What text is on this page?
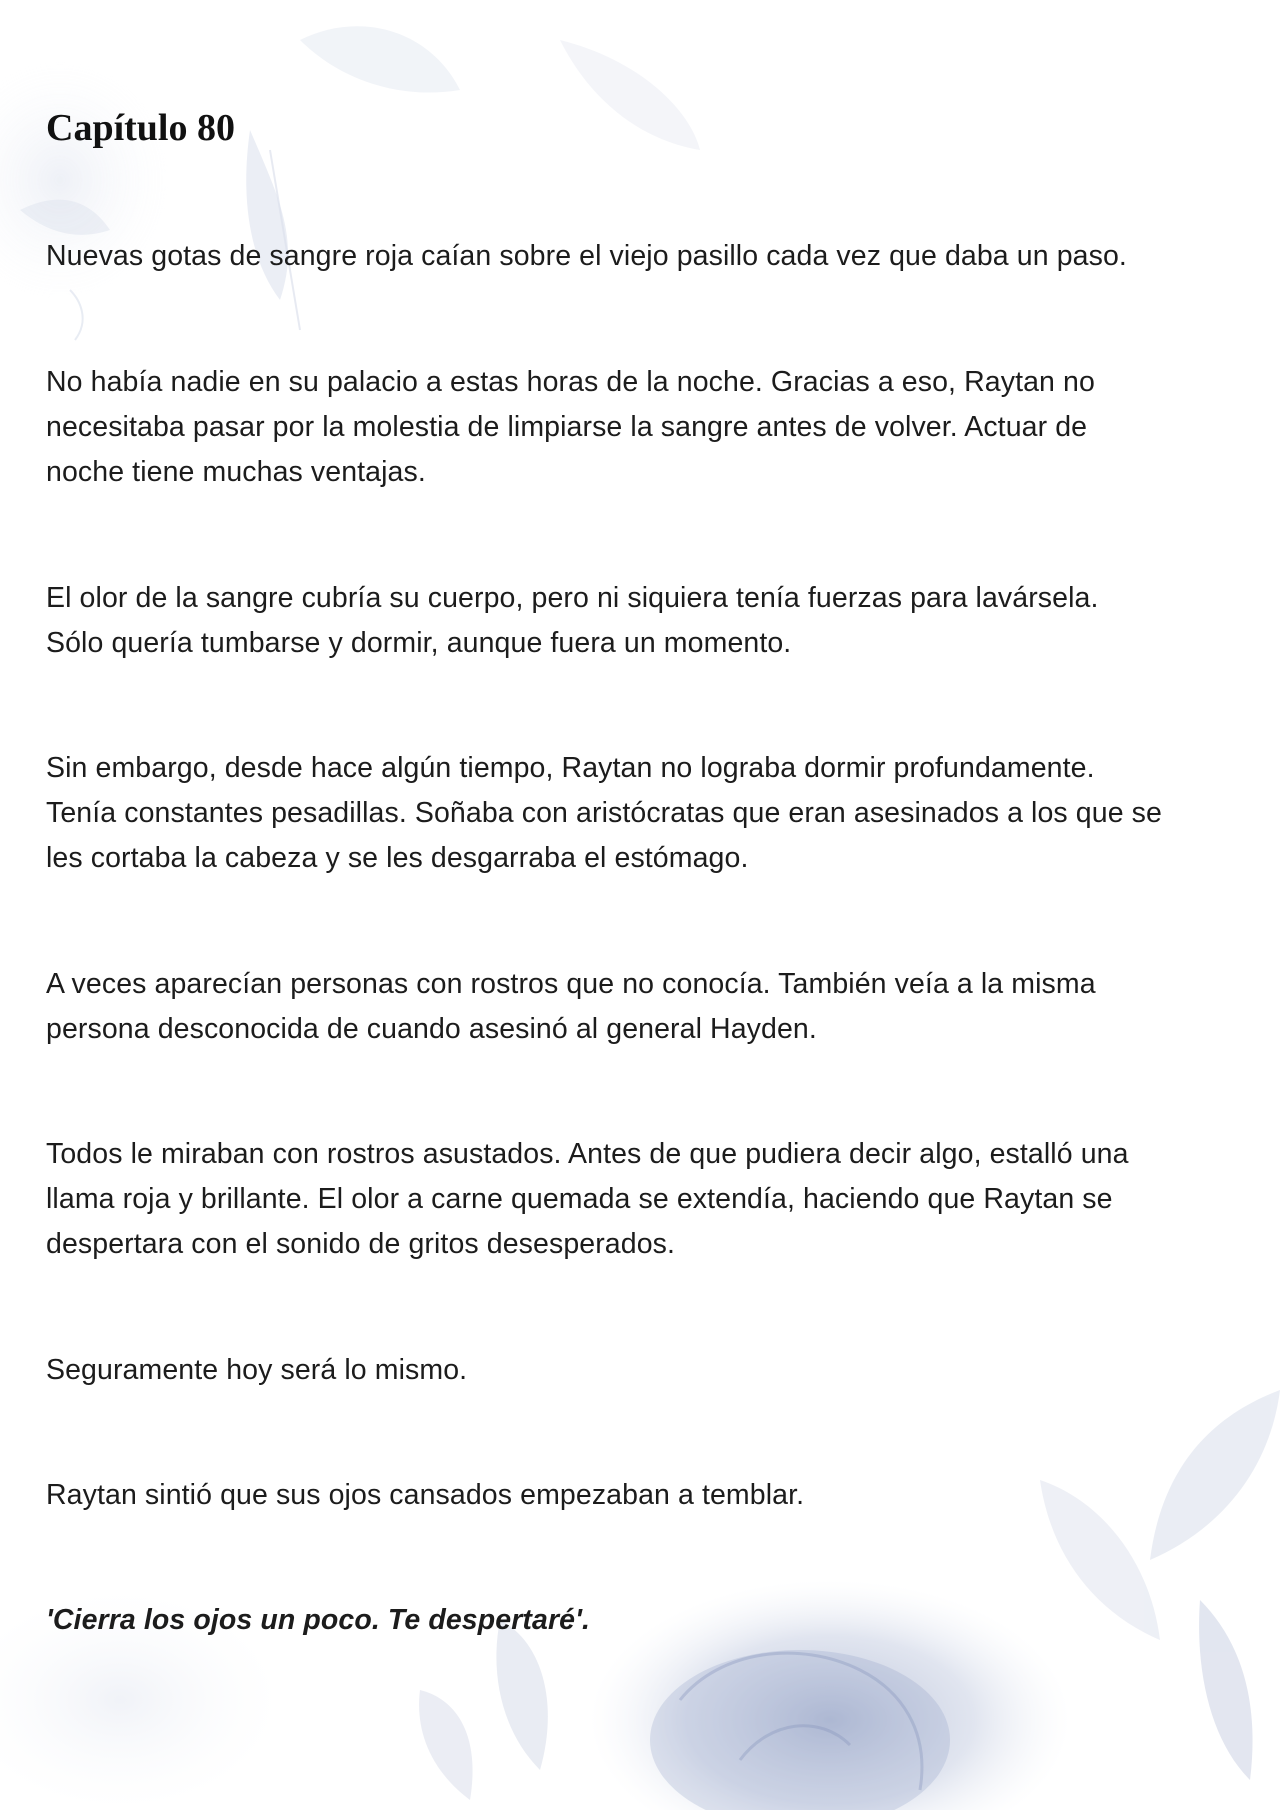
Capítulo 80

Nuevas gotas de sangre roja caían sobre el viejo pasillo cada vez que daba un paso.

No había nadie en su palacio a estas horas de la noche. Gracias a eso, Raytan no
necesitaba pasar por la molestia de limpiarse la sangre antes de volver. Actuar de
noche tiene muchas ventajas.

El olor de la sangre cubría su cuerpo, pero ni siquiera tenía fuerzas para lavársela.
Sólo quería tumbarse y dormir, aunque fuera un momento.

Sin embargo, desde hace algún tiempo, Raytan no lograba dormir profundamente.
Tenía constantes pesadillas. Soñaba con aristócratas que eran asesinados a los que se
les cortaba la cabeza y se les desgarraba el estómago.

A veces aparecían personas con rostros que no conocía. También veía a la misma
persona desconocida de cuando asesinó al general Hayden.

Todos le miraban con rostros asustados. Antes de que pudiera decir algo, estalló una
llama roja y brillante. El olor a carne quemada se extendía, haciendo que Raytan se
despertara con el sonido de gritos desesperados.

Seguramente hoy será lo mismo.

Raytan sintió que sus ojos cansados empezaban a temblar.

'Cierra los ojos un poco. Te despertaré'.
